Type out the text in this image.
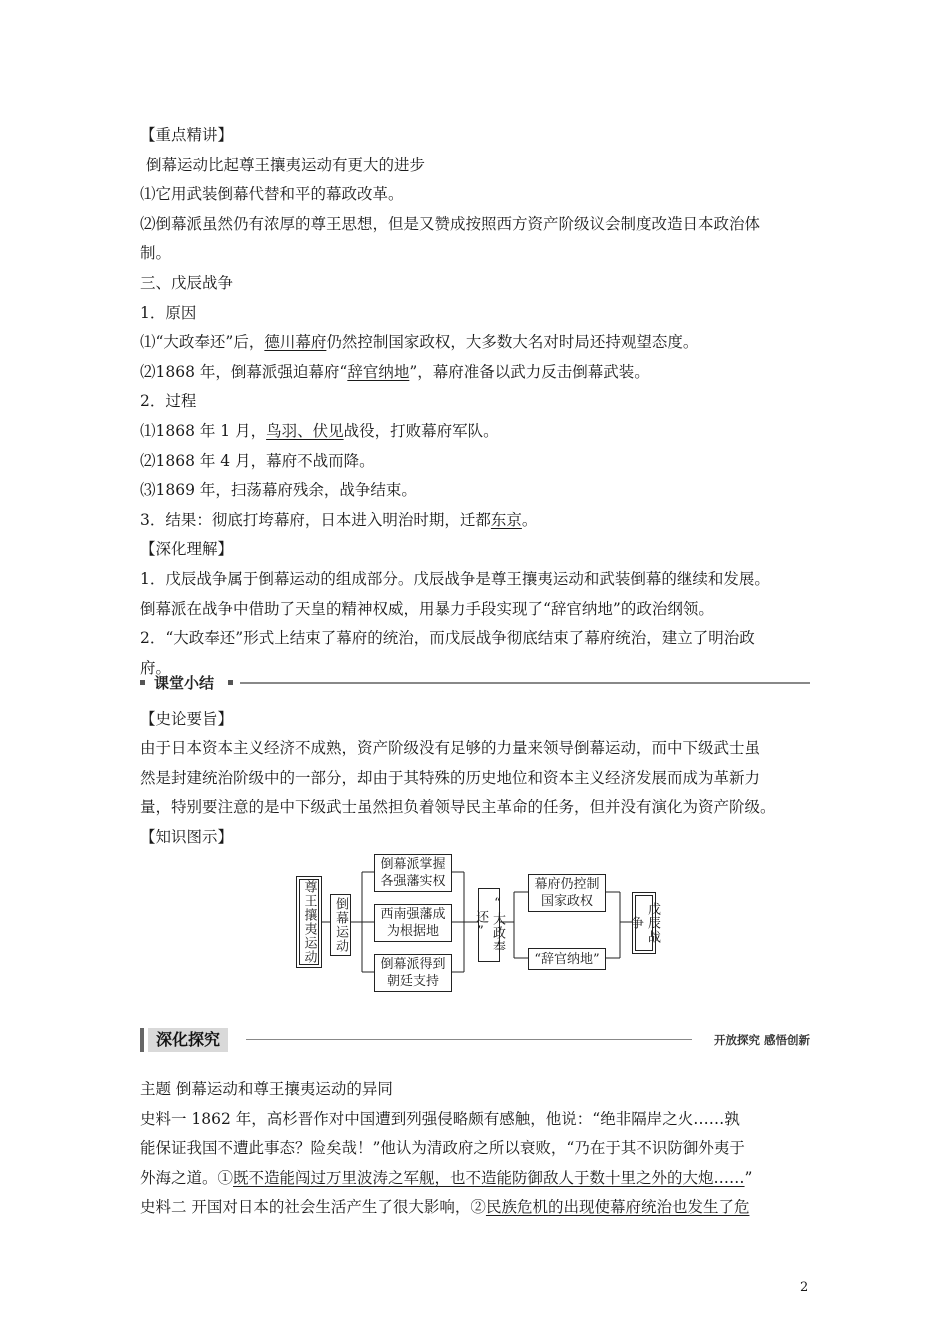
【重点精讲】
倒幕运动比起尊王攘夷运动有更大的进步
⑴它用武装倒幕代替和平的幕政改革。
⑵倒幕派虽然仍有浓厚的尊王思想，但是又赞成按照西方资产阶级议会制度改造日本政治体
制。
三、戊辰战争
1．原因
⑴“大政奉还”后，德川幕府仍然控制国家政权，大多数大名对时局还持观望态度。
⑵1868 年，倒幕派强迫幕府“辞官纳地”，幕府准备以武力反击倒幕武装。
2．过程
⑴1868 年 1 月，鸟羽、伏见战役，打败幕府军队。
⑵1868 年 4 月，幕府不战而降。
⑶1869 年，扫荡幕府残余，战争结束。
3．结果：彻底打垮幕府，日本进入明治时期，迁都东京。
【深化理解】
1．戊辰战争属于倒幕运动的组成部分。戊辰战争是尊王攘夷运动和武装倒幕的继续和发展。
倒幕派在战争中借助了天皇的精神权威，用暴力手段实现了“辞官纳地”的政治纲领。
2．“大政奉还”形式上结束了幕府的统治，而戊辰战争彻底结束了幕府统治，建立了明治政
府。
【史论要旨】
由于日本资本主义经济不成熟，资产阶级没有足够的力量来领导倒幕运动，而中下级武士虽
然是封建统治阶级中的一部分，却由于其特殊的历史地位和资本主义经济发展而成为革新力
量，特别要注意的是中下级武士虽然担负着领导民主革命的任务，但并没有演化为资产阶级。
【知识图示】
主题 倒幕运动和尊王攘夷运动的异同
史料一 1862 年，高杉晋作对中国遭到列强侵略颇有感触，他说：“绝非隔岸之火……孰
能保证我国不遭此事态？险矣哉！”他认为清政府之所以衰败，“乃在于其不识防御外夷于
外海之道。①既不造能闯过万里波涛之军舰，也不造能防御敌人于数十里之外的大炮……”
史料二 开国对日本的社会生活产生了很大影响，②民族危机的出现使幕府统治也发生了危
课堂小结
尊王攘夷运动 倒幕运动
倒幕派掌握各强藩实权
西南强藩成为根据地
倒幕派得到朝廷支持
“大政奉还”
幕府仍控制国家政权
“辞官纳地”
戊辰战争
深化探究	开放探究 感悟创新
2
